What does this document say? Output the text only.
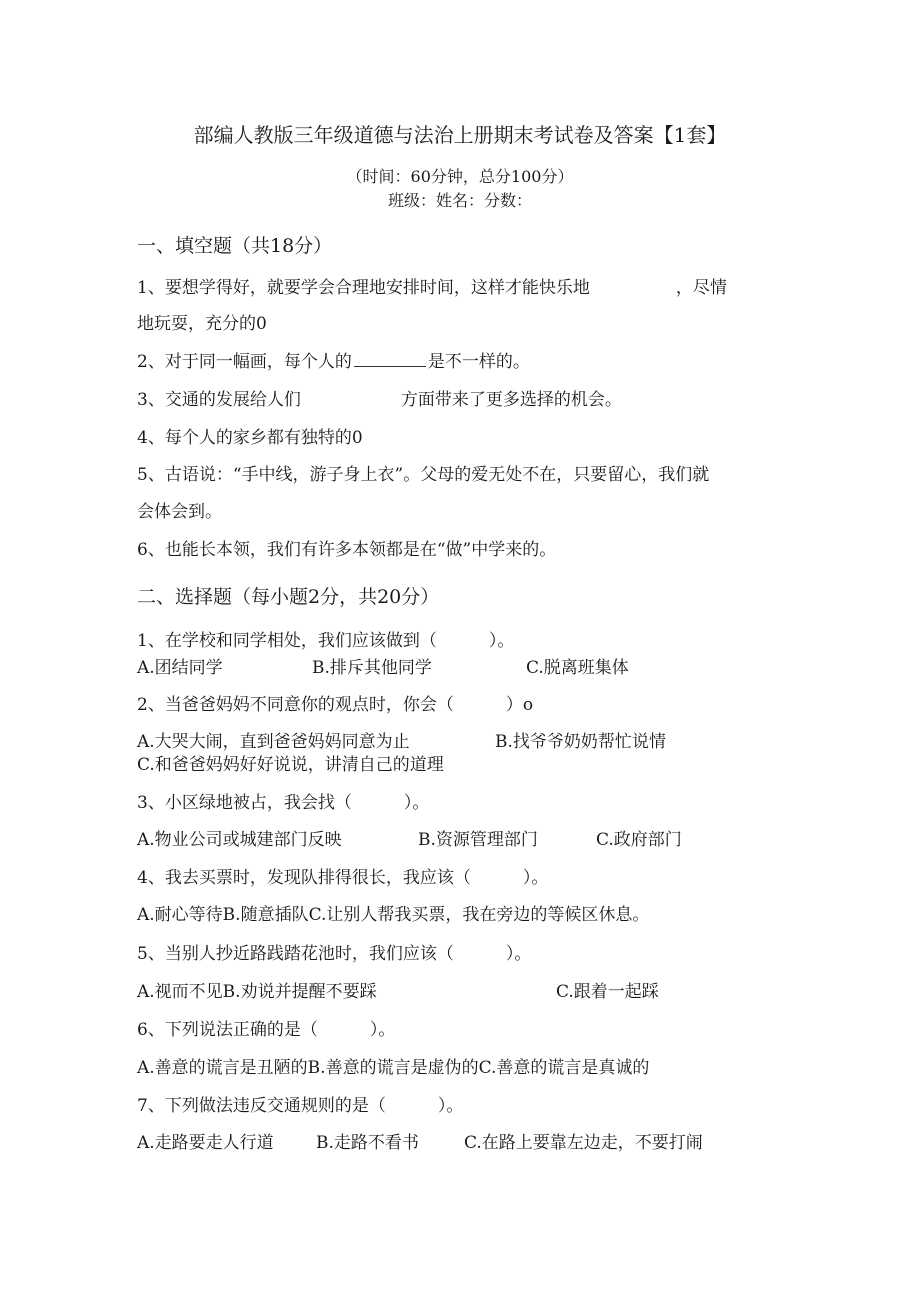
部编人教版三年级道德与法治上册期末考试卷及答案【1套】
（时间：60分钟，总分100分）
班级：姓名：分数：
一、填空题（共18分）
1、要想学得好，就要学会合理地安排时间，这样才能快乐地	，尽情
地玩耍，充分的0
2、对于同一幅画，每个人的	是不一样的。
3、交通的发展给人们	方面带来了更多选择的机会。
4、每个人的家乡都有独特的0
5、古语说：“手中线，游子身上衣”。父母的爱无处不在，只要留心，我们就
会体会到。
6、也能长本领，我们有许多本领都是在“做”中学来的。
二、选择题（每小题2分，共20分）
1、在学校和同学相处，我们应该做到（	）。
A.团结同学	B.排斥其他同学	C.脱离班集体
2、当爸爸妈妈不同意你的观点时，你会（	）o
A.大哭大闹，直到爸爸妈妈同意为止	B.找爷爷奶奶帮忙说情
C.和爸爸妈妈好好说说，讲清自己的道理
3、小区绿地被占，我会找（	）。
A.物业公司或城建部门反映	B.资源管理部门	C.政府部门
4、我去买票时，发现队排得很长，我应该（	）。
A.耐心等待B.随意插队C.让别人帮我买票，我在旁边的等候区休息。
5、当别人抄近路践踏花池时，我们应该（	）。
A.视而不见B.劝说并提醒不要踩	C.跟着一起踩
6、下列说法正确的是（	）。
A.善意的谎言是丑陋的B.善意的谎言是虚伪的C.善意的谎言是真诚的
7、下列做法违反交通规则的是（	）。
A.走路要走人行道 B.走路不看书	C.在路上要靠左边走，不要打闹
